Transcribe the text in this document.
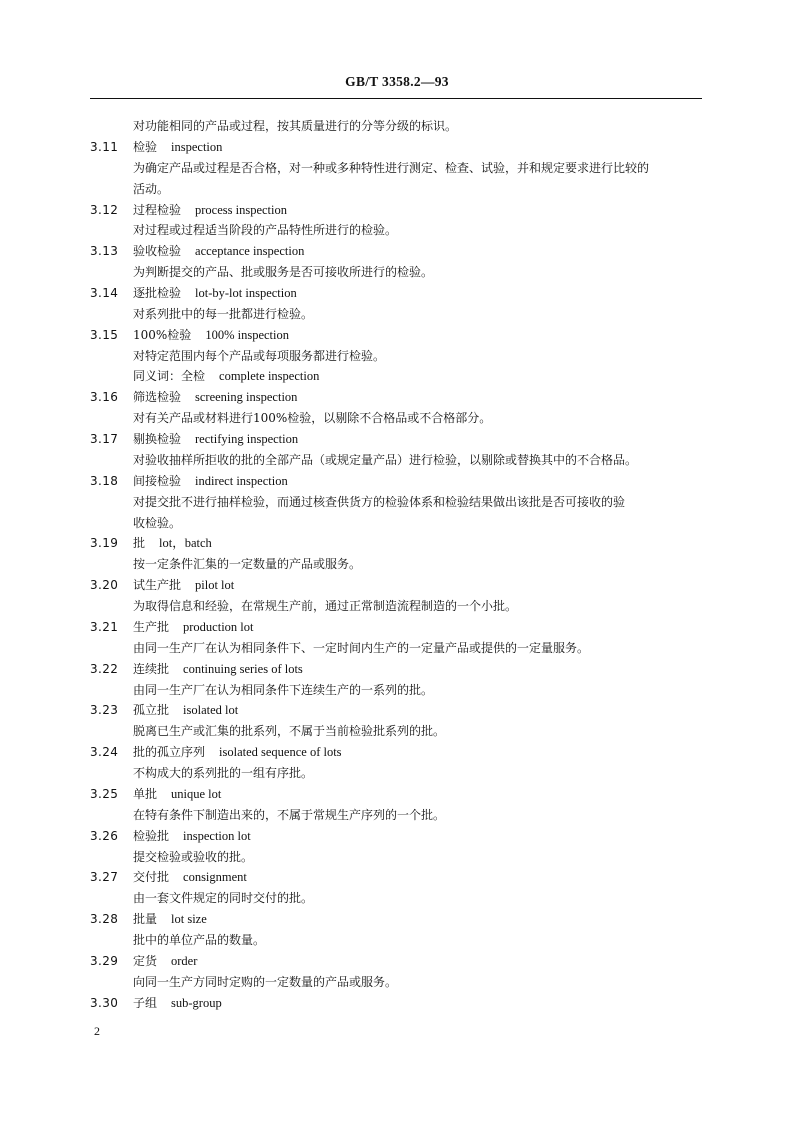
GB/T 3358.2—93
对功能相同的产品或过程，按其质量进行的分等分级的标识。
3.11 检验 inspection
为确定产品或过程是否合格，对一种或多种特性进行测定、检查、试验，并和规定要求进行比较的
活动。
3.12 过程检验 process inspection
对过程或过程适当阶段的产品特性所进行的检验。
3.13 验收检验 acceptance inspection
为判断提交的产品、批或服务是否可接收所进行的检验。
3.14 逐批检验 lot-by-lot inspection
对系列批中的每一批都进行检验。
3.15 100%检验 100% inspection
对特定范围内每个产品或每项服务都进行检验。
同义词：全检 complete inspection
3.16 筛选检验 screening inspection
对有关产品或材料进行100%检验，以剔除不合格品或不合格部分。
3.17 剔换检验 rectifying inspection
对验收抽样所拒收的批的全部产品（或规定量产品）进行检验，以剔除或替换其中的不合格品。
3.18 间接检验 indirect inspection
对提交批不进行抽样检验，而通过核查供货方的检验体系和检验结果做出该批是否可接收的验
收检验。
3.19 批 lot，batch
按一定条件汇集的一定数量的产品或服务。
3.20 试生产批 pilot lot
为取得信息和经验，在常规生产前，通过正常制造流程制造的一个小批。
3.21 生产批 production lot
由同一生产厂在认为相同条件下、一定时间内生产的一定量产品或提供的一定量服务。
3.22 连续批 continuing series of lots
由同一生产厂在认为相同条件下连续生产的一系列的批。
3.23 孤立批 isolated lot
脱离已生产或汇集的批系列，不属于当前检验批系列的批。
3.24 批的孤立序列 isolated sequence of lots
不构成大的系列批的一组有序批。
3.25 单批 unique lot
在特有条件下制造出来的，不属于常规生产序列的一个批。
3.26 检验批 inspection lot
提交检验或验收的批。
3.27 交付批 consignment
由一套文件规定的同时交付的批。
3.28 批量 lot size
批中的单位产品的数量。
3.29 定货 order
向同一生产方同时定购的一定数量的产品或服务。
3.30 子组 sub-group
2
